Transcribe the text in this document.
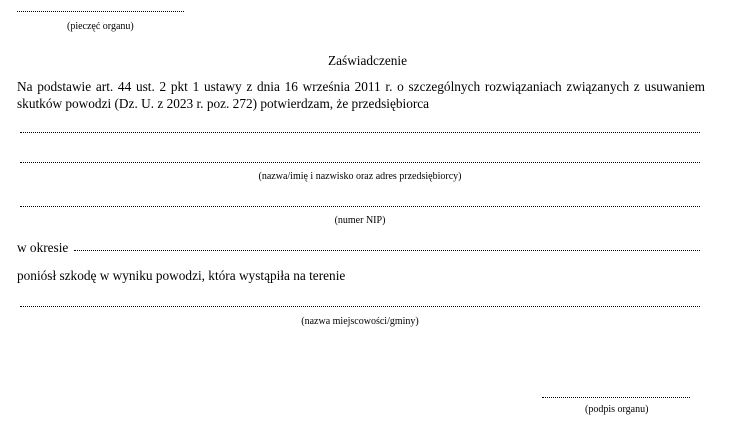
(pieczęć organu)
Zaświadczenie
Na podstawie art. 44 ust. 2 pkt 1 ustawy z dnia 16 września 2011 r. o szczególnych rozwiązaniach związanych z usuwaniem skutków powodzi (Dz. U. z 2023 r. poz. 272) potwierdzam, że przedsiębiorca
(nazwa/imię i nazwisko oraz adres przedsiębiorcy)
(numer NIP)
w okresie
poniósł szkodę w wyniku powodzi, która wystąpiła na terenie
(nazwa miejscowości/gminy)
(podpis organu)
